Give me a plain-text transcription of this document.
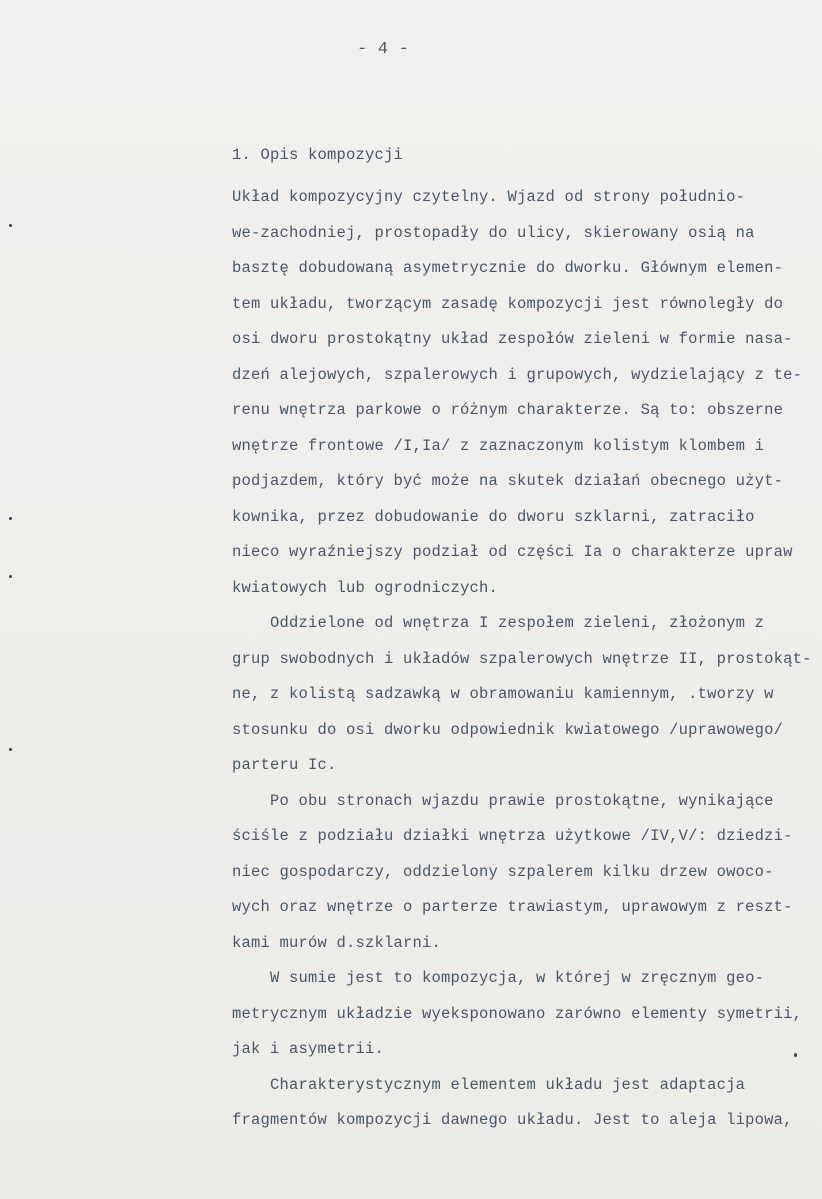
- 4 -
1. Opis kompozycji
Układ kompozycyjny czytelny. Wjazd od strony południo-
we-zachodniej, prostopadły do ulicy, skierowany osią na
basztę dobudowaną asymetrycznie do dworku. Głównym elemen-
tem układu, tworzącym zasadę kompozycji jest równoległy do
osi dworu prostokątny układ zespołów zieleni w formie nasa-
dzeń alejowych, szpalerowych i grupowych, wydzielający z te-
renu wnętrza parkowe o różnym charakterze. Są to: obszerne
wnętrze frontowe /I,Ia/ z zaznaczonym kolistym klombem i
podjazdem, który być może na skutek działań obecnego użyt-
kownika, przez dobudowanie do dworu szklarni, zatraciło
nieco wyraźniejszy podział od części Ia o charakterze upraw
kwiatowych lub ogrodniczych.
Oddzielone od wnętrza I zespołem zieleni, złożonym z
grup swobodnych i układów szpalerowych wnętrze II, prostokąt-
ne, z kolistą sadzawką w obramowaniu kamiennym, .tworzy w
stosunku do osi dworku odpowiednik kwiatowego /uprawowego/
parteru Ic.
Po obu stronach wjazdu prawie prostokątne, wynikające
ściśle z podziału działki wnętrza użytkowe /IV,V/: dziedzi-
niec gospodarczy, oddzielony szpalerem kilku drzew owoco-
wych oraz wnętrze o parterze trawiastym, uprawowym z reszt-
kami murów d.szklarni.
W sumie jest to kompozycja, w której w zręcznym geo-
metrycznym układzie wyeksponowano zarówno elementy symetrii,
jak i asymetrii.
Charakterystycznym elementem układu jest adaptacja
fragmentów kompozycji dawnego układu. Jest to aleja lipowa,
